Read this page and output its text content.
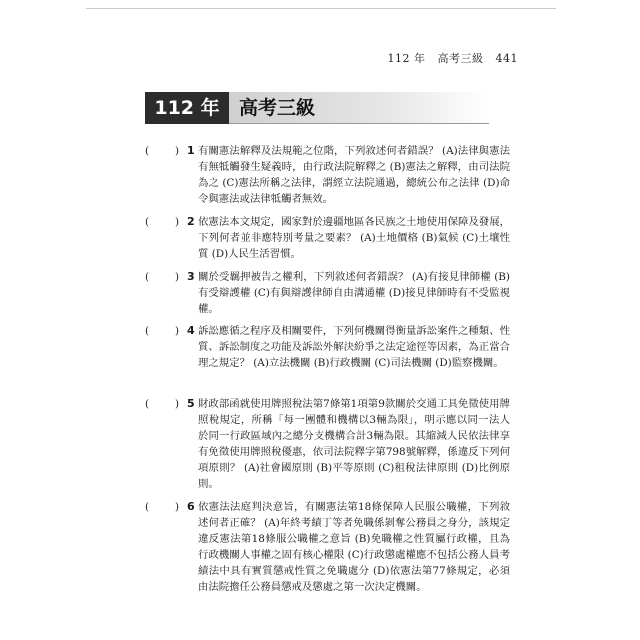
112 年 高考三級 441
112 年	高考三級
( ) 1 有關憲法解釋及法規範之位階，下列敘述何者錯誤？ (A)法律與憲法有無牴觸發生疑義時，由行政法院解釋之 (B)憲法之解釋，由司法院為之 (C)憲法所稱之法律，謂經立法院通過，總統公布之法律 (D)命令與憲法或法律牴觸者無效。
( ) 2 依憲法本文規定，國家對於邊疆地區各民族之土地使用保障及發展，下列何者並非應特別考量之要素？ (A)土地價格 (B)氣候 (C)土壤性質 (D)人民生活習慣。
( ) 3 關於受羈押被告之權利，下列敘述何者錯誤？ (A)有接見律師權 (B)有受辯護權 (C)有與辯護律師自由溝通權 (D)接見律師時有不受監視權。
( ) 4 訴訟應循之程序及相關要件，下列何機關得衡量訴訟案件之種類、性質、訴訟制度之功能及訴訟外解決紛爭之法定途徑等因素，為正當合理之規定？ (A)立法機關 (B)行政機關 (C)司法機關 (D)監察機關。
( ) 5 財政部函就使用牌照稅法第7條第1項第9款關於交通工具免徵使用牌照稅規定，所稱「每一團體和機構以3輛為限」，明示應以同一法人於同一行政區域內之總分支機構合計3輛為限。其縮減人民依法律享有免徵使用牌照稅優惠，依司法院釋字第798號解釋，係違反下列何項原則？ (A)社會國原則 (B)平等原則 (C)租稅法律原則 (D)比例原則。
( ) 6 依憲法法庭判決意旨，有關憲法第18條保障人民服公職權，下列敘述何者正確？ (A)年終考績丁等者免職係剝奪公務員之身分，該規定違反憲法第18條服公職權之意旨 (B)免職權之性質屬行政權，且為行政機關人事權之固有核心權限 (C)行政懲處權應不包括公務人員考績法中具有實質懲戒性質之免職處分 (D)依憲法第77條規定，必須由法院擔任公務員懲戒及懲處之第一次決定機關。
